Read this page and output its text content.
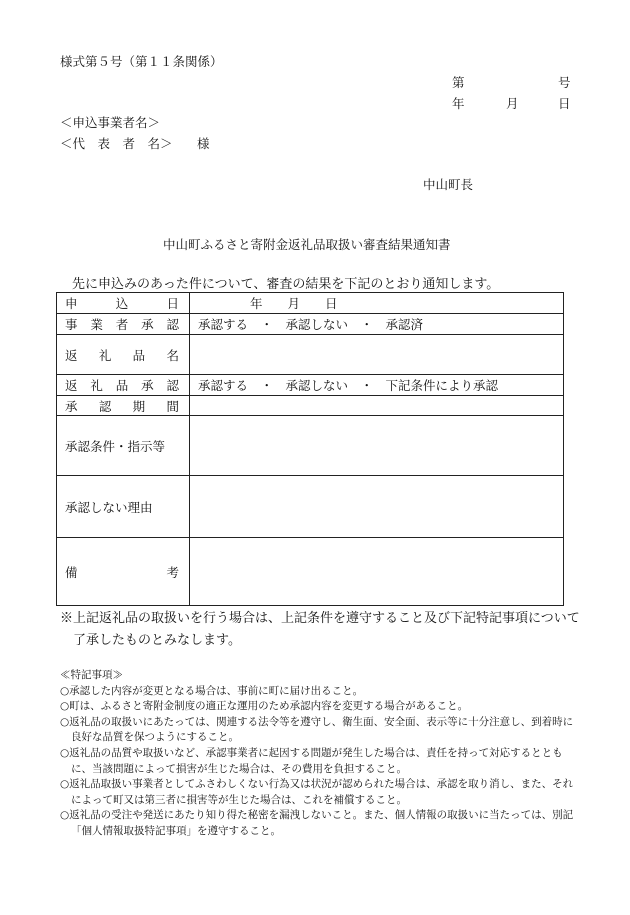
様式第５号（第１１条関係）
第	号
年	月	日
＜申込事業者名＞
＜代　表　者　名＞ 様
中山町長
中山町ふるさと寄附金返礼品取扱い審査結果通知書
先に申込みのあった件について、審査の結果を下記のとおり通知します。
申 込 日	年　　月　　日

事 業 者 承 認	承認する　・　承認しない　・　承認済

返 礼 品 名	

返 礼 品 承 認	承認する　・　承認しない　・　下記条件により承認

承 認 期 間	

承認条件・指示等	

承認しない理由	

備 考	

※上記返礼品の取扱いを行う場合は、上記条件を遵守すること及び下記特記事項について了承したものとみなします。

≪特記事項≫

○承認した内容が変更となる場合は、事前に町に届け出ること。

○町は、ふるさと寄附金制度の適正な運用のため承認内容を変更する場合があること。

○返礼品の取扱いにあたっては、関連する法令等を遵守し、衛生面、安全面、表示等に十分注意し、到着時に良好な品質を保つようにすること。

○返礼品の品質や取扱いなど、承認事業者に起因する問題が発生した場合は、責任を持って対応するとともに、当該問題によって損害が生じた場合は、その費用を負担すること。

○返礼品取扱い事業者としてふさわしくない行為又は状況が認められた場合は、承認を取り消し、また、それによって町又は第三者に損害等が生じた場合は、これを補償すること。

○返礼品の受注や発送にあたり知り得た秘密を漏洩しないこと。また、個人情報の取扱いに当たっては、別記「個人情報取扱特記事項」を遵守すること。
